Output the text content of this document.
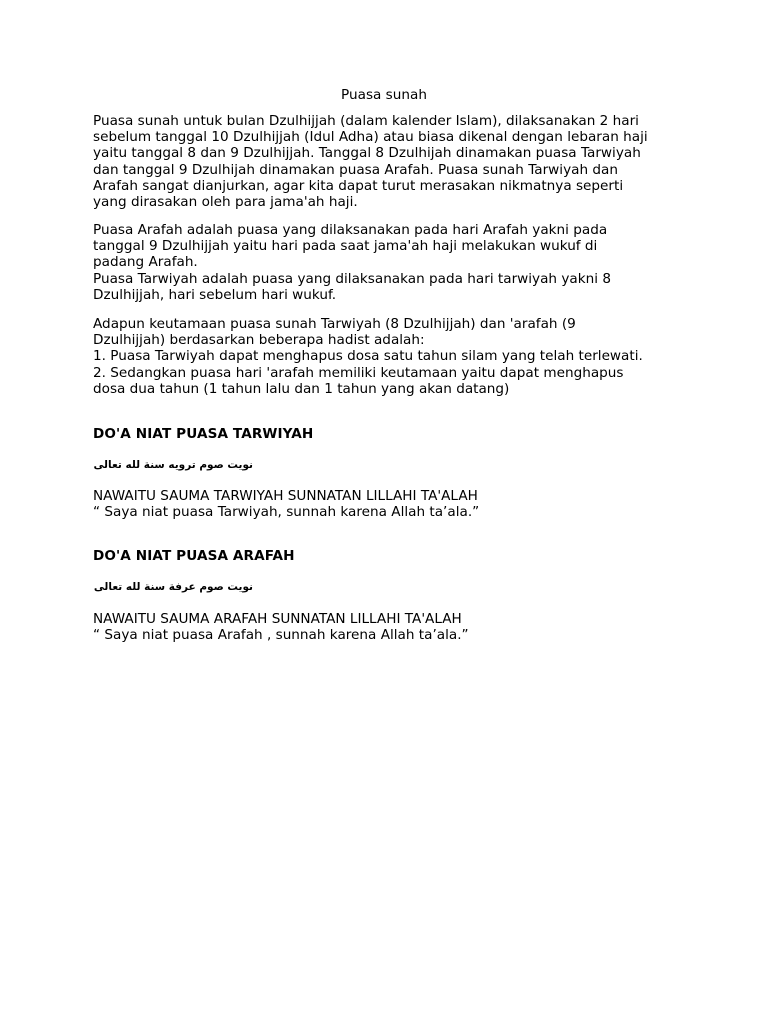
Puasa sunah
Puasa sunah untuk bulan Dzulhijjah (dalam kalender Islam), dilaksanakan 2 hari
sebelum tanggal 10 Dzulhijjah (Idul Adha) atau biasa dikenal dengan lebaran haji
yaitu tanggal 8 dan 9 Dzulhijjah. Tanggal 8 Dzulhijah dinamakan puasa Tarwiyah
dan tanggal 9 Dzulhijah dinamakan puasa Arafah. Puasa sunah Tarwiyah dan
Arafah sangat dianjurkan, agar kita dapat turut merasakan nikmatnya seperti
yang dirasakan oleh para jama'ah haji.
Puasa Arafah adalah puasa yang dilaksanakan pada hari Arafah yakni pada
tanggal 9 Dzulhijjah yaitu hari pada saat jama'ah haji melakukan wukuf di
padang Arafah.
Puasa Tarwiyah adalah puasa yang dilaksanakan pada hari tarwiyah yakni 8
Dzulhijjah, hari sebelum hari wukuf.
Adapun keutamaan puasa sunah Tarwiyah (8 Dzulhijjah) dan 'arafah (9
Dzulhijjah) berdasarkan beberapa hadist adalah:
1. Puasa Tarwiyah dapat menghapus dosa satu tahun silam yang telah terlewati.
2. Sedangkan puasa hari 'arafah memiliki keutamaan yaitu dapat menghapus
dosa dua tahun (1 tahun lalu dan 1 tahun yang akan datang)
DO'A NIAT PUASA TARWIYAH
نويت صوم ترويه سنة لله تعالى
NAWAITU SAUMA TARWIYAH SUNNATAN LILLAHI TA'ALAH
“ Saya niat puasa Tarwiyah, sunnah karena Allah ta’ala.”
DO'A NIAT PUASA ARAFAH
نويت صوم عرفة سنة لله تعالى
NAWAITU SAUMA ARAFAH SUNNATAN LILLAHI TA'ALAH
“ Saya niat puasa Arafah , sunnah karena Allah ta’ala.”
